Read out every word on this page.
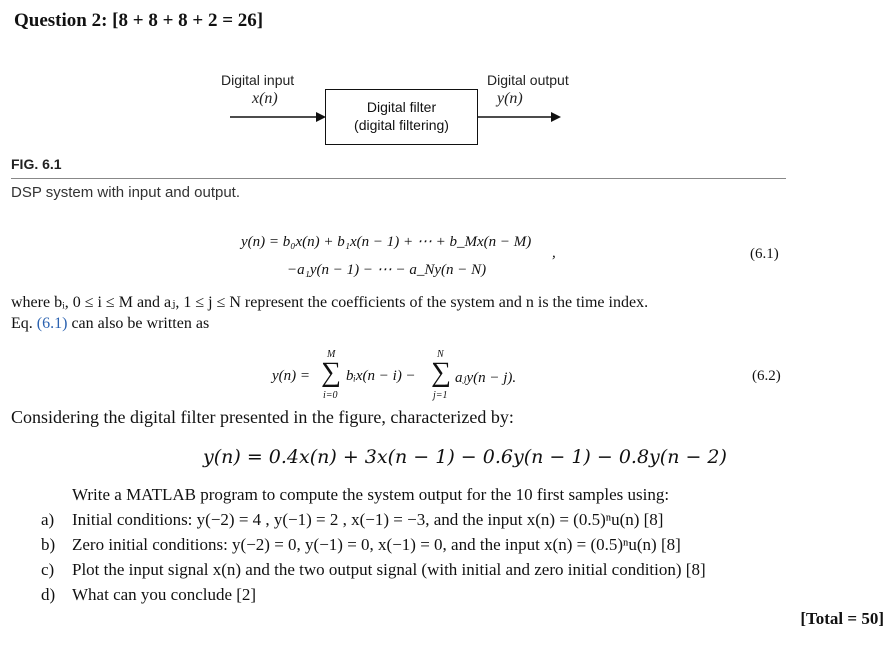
Question 2: [8 + 8 + 8 + 2 = 26]
Digital input
x(n)	Digital filter
(digital filtering)
Digital output
y(n)
FIG. 6.1
DSP system with input and output.
y(n) = b₀x(n) + b₁x(n − 1) + ⋯ + b_Mx(n − M)
−a₁y(n − 1) − ⋯ − a_Ny(n − N)
,	(6.1)
where bᵢ, 0 ≤ i ≤ M and aⱼ, 1 ≤ j ≤ N represent the coefficients of the system and n is the time index.
Eq. (6.1) can also be written as
y(n) =
M
∑
i=0
bᵢx(n − i) −
N
∑
j=1
aⱼy(n − j).	(6.2)
Considering the digital filter presented in the figure, characterized by:
y(n) = 0.4x(n) + 3x(n − 1) − 0.6y(n − 1) − 0.8y(n − 2)
Write a MATLAB program to compute the system output for the 10 first samples using:
a) Initial conditions: y(−2) = 4 , y(−1) = 2 , x(−1) = −3, and the input x(n) = (0.5)ⁿu(n) [8]
b) Zero initial conditions: y(−2) = 0, y(−1) = 0, x(−1) = 0, and the input x(n) = (0.5)ⁿu(n) [8]
c) Plot the input signal x(n) and the two output signal (with initial and zero initial condition) [8]
d) What can you conclude [2]
[Total = 50]
